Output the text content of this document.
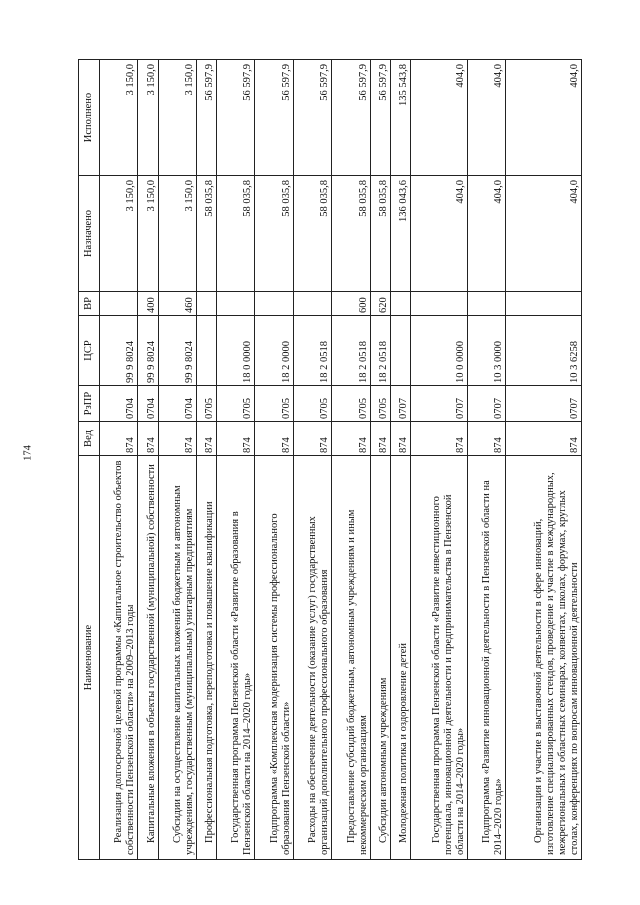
174
Наименование	Вед	РзПР	ЦСР	ВР	Назначено	Исполнено

Реализация долгосрочной целевой программы «Капитальное строительство объектов собственности Пензенской области» на 2009–2013 годы	874	0704	99 9 8024		3 150,0	3 150,0

Капитальные вложения в объекты государственной (муниципальной) собственности	874	0704	99 9 8024	400	3 150,0	3 150,0

Субсидии на осуществление капитальных вложений бюджетным и автономным учреждениям, государственным (муниципальным) унитарным предприятиям	874	0704	99 9 8024	460	3 150,0	3 150,0

Профессиональная подготовка, переподготовка и повышение квалификации	874	0705			58 035,8	56 597,9

Государственная программа Пензенской области «Развитие образования в Пензенской области на 2014–2020 годы»	874	0705	18 0 0000		58 035,8	56 597,9

Подпрограмма «Комплексная модернизация системы профессионального образования Пензенской области»	874	0705	18 2 0000		58 035,8	56 597,9

Расходы на обеспечение деятельности (оказание услуг) государственных организаций дополнительного профессионального образования	874	0705	18 2 0518		58 035,8	56 597,9

Предоставление субсидий бюджетным, автономным учреждениям и иным некоммерческим организациям	874	0705	18 2 0518	600	58 035,8	56 597,9

Субсидии автономным учреждениям	874	0705	18 2 0518	620	58 035,8	56 597,9

Молодежная политика и оздоровление детей	874	0707			136 043,6	135 543,8

Государственная программа Пензенской области «Развитие инвестиционного потенциала, инновационной деятельности и предпринимательства в Пензенской области на 2014–2020 годы»	874	0707	10 0 0000		404,0	404,0

Подпрограмма «Развитие инновационной деятельности в Пензенской области на 2014–2020 годы»	874	0707	10 3 0000		404,0	404,0

Организация и участие в выставочной деятельности в сфере инноваций, изготовление специализированных стендов, проведение и участие в международных, межрегиональных и областных семинарах, конвентах, школах, форумах, круглых столах, конференциях по вопросам инновационной деятельности	874	0707	10 3 6258		404,0	404,0
